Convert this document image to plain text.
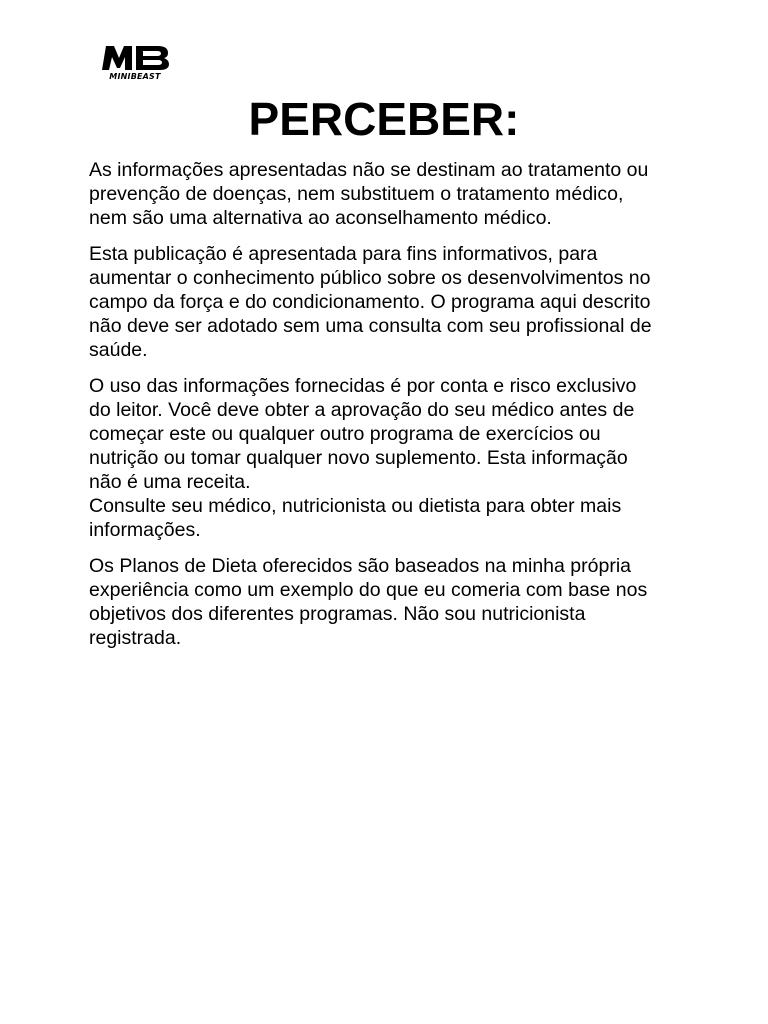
MINIBEAST
PERCEBER:

As informações apresentadas não se destinam ao tratamento ou
prevenção de doenças, nem substituem o tratamento médico,
nem são uma alternativa ao aconselhamento médico.

Esta publicação é apresentada para fins informativos, para
aumentar o conhecimento público sobre os desenvolvimentos no
campo da força e do condicionamento. O programa aqui descrito
não deve ser adotado sem uma consulta com seu profissional de
saúde.

O uso das informações fornecidas é por conta e risco exclusivo
do leitor. Você deve obter a aprovação do seu médico antes de
começar este ou qualquer outro programa de exercícios ou
nutrição ou tomar qualquer novo suplemento. Esta informação
não é uma receita.
Consulte seu médico, nutricionista ou dietista para obter mais
informações.

Os Planos de Dieta oferecidos são baseados na minha própria
experiência como um exemplo do que eu comeria com base nos
objetivos dos diferentes programas. Não sou nutricionista
registrada.
